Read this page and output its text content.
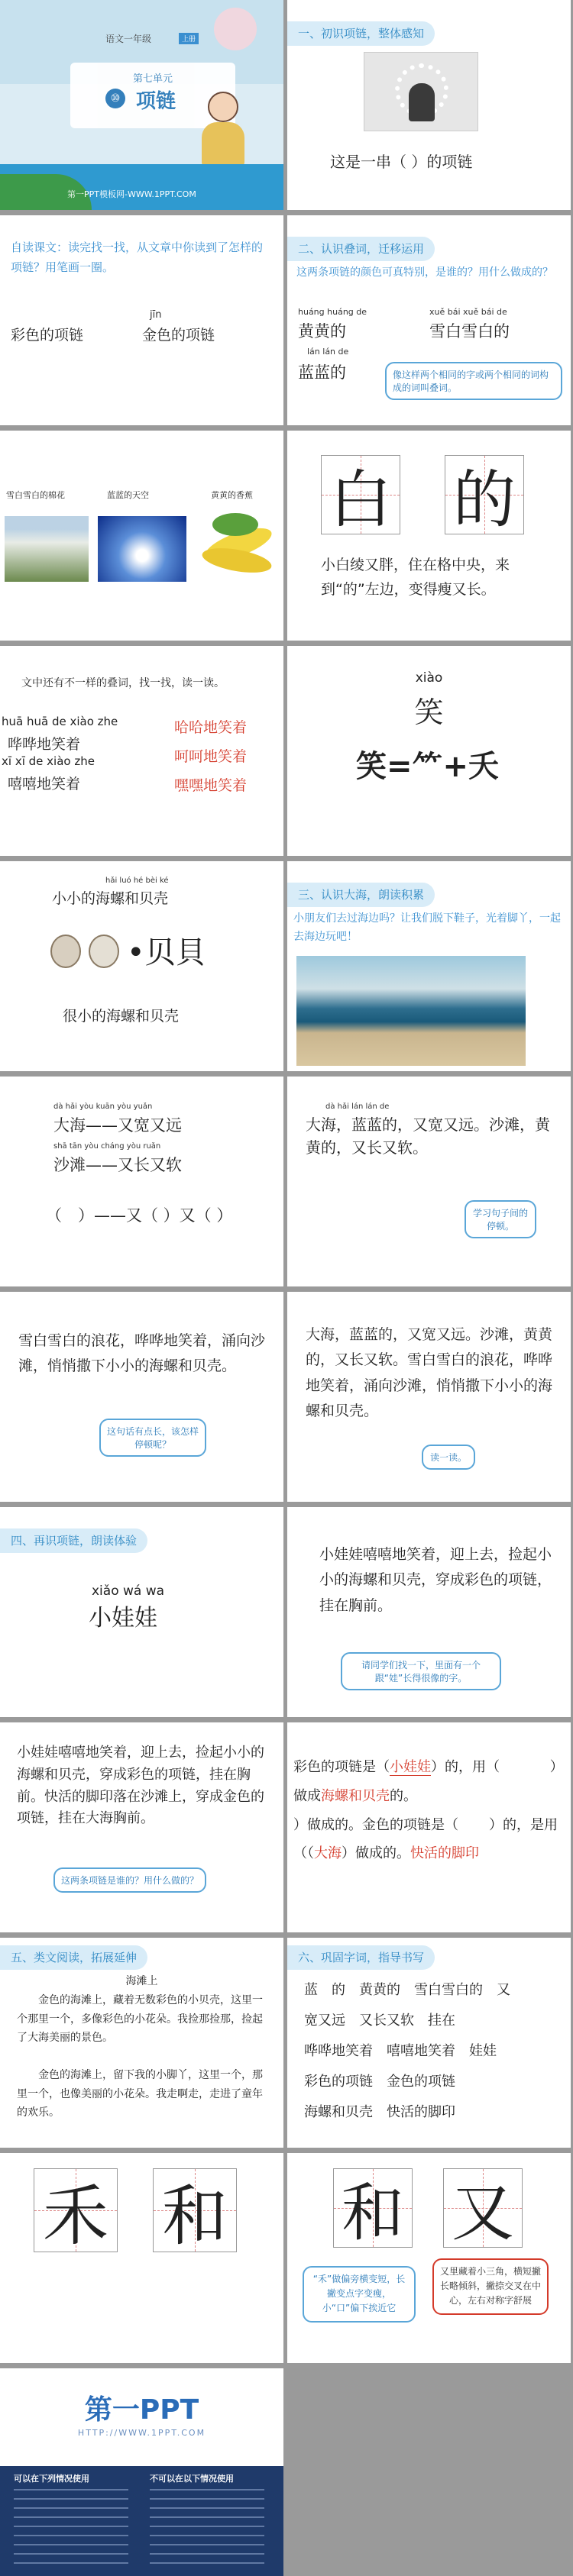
语文一年级	上册
第七单元
⑩ 项链
第一PPT模板网-WWW.1PPT.COM
一、初识项链，整体感知
这是一串（ ）的项链
自读课文：读完找一找，从文章中你读到了怎样的项链？用笔画一圈。
彩色的项链
jīn
金色的项链
二、认识叠词，迁移运用
这两条项链的颜色可真特别，是谁的？用什么做成的？
huáng huáng de
黄黄的
xuě bái xuě bái de
雪白雪白的
lán lán de
蓝蓝的	像这样两个相同的字或两个相同的词构成的词叫叠词。
雪白雪白的棉花	蓝蓝的天空	黄黄的香蕉 白 的
小白绫又胖，住在格中央，来到“的”左边，变得瘦又长。
文中还有不一样的叠词，找一找，读一读。
huā huā de xiào zhe
哗哗地笑着
xī xī de xiào zhe
嘻嘻地笑着
哈哈地笑着
呵呵地笑着
嘿嘿地笑着
xiào
笑
笑=⺮+夭
hǎi luó hé bèi ké
小小的海螺和贝壳
•贝貝
很小的海螺和贝壳
三、认识大海，朗读积累
小朋友们去过海边吗？让我们脱下鞋子，光着脚丫，一起去海边玩吧！
dà hǎi yòu kuān yòu yuǎn
大海——又宽又远
shā tān yòu cháng yòu ruǎn
沙滩——又长又软
（　）——又（ ）又（ ）
dà hǎi lán lán de
大海，蓝蓝的，又宽又远。沙滩，黄黄的，又长又软。
学习句子间的停顿。
雪白雪白的浪花，哗哗地笑着，涌向沙滩，悄悄撒下小小的海螺和贝壳。
这句话有点长，该怎样停顿呢？
大海，蓝蓝的，又宽又远。沙滩，黄黄的，又长又软。雪白雪白的浪花，哗哗地笑着，涌向沙滩，悄悄撒下小小的海螺和贝壳。
读一读。
四、再识项链，朗读体验
xiǎo wá wa
小娃娃
小娃娃嘻嘻地笑着，迎上去，捡起小小的海螺和贝壳，穿成彩色的项链，挂在胸前。
请同学们找一下，里面有一个跟“娃”长得很像的字。
小娃娃嘻嘻地笑着，迎上去，捡起小小的海螺和贝壳，穿成彩色的项链，挂在胸前。快活的脚印落在沙滩上，穿成金色的项链，挂在大海胸前。
这两条项链是谁的？用什么做的？
彩色的项链是（小娃娃）的，用（	）做成海螺和贝壳的。
）做成的。金色的项链是（ ）的，是用（（大海）做成的。快活的脚印
五、类文阅读，拓展延伸
海滩上
金色的海滩上，藏着无数彩色的小贝壳，这里一个那里一个，多像彩色的小花朵。我捡那捡那，捡起了大海美丽的景色。
金色的海滩上，留下我的小脚丫，这里一个，那里一个，也像美丽的小花朵。我走啊走，走进了童年的欢乐。
六、巩固字词，指导书写
蓝　的　黄黄的　雪白雪白的　又
宽又远　又长又软　挂在
哗哗地笑着　嘻嘻地笑着　娃娃
彩色的项链　金色的项链
海螺和贝壳　快活的脚印
禾 和 和 又
“禾”做偏旁横变短，长撇变点字变瘦，小“口”偏下挨近它
又里藏着小三角，横短撇长略倾斜，撇捺交叉在中心，左右对称字舒展
第一PPT
HTTP://WWW.1PPT.COM
可以在下列情况使用	不可以在以下情况使用
